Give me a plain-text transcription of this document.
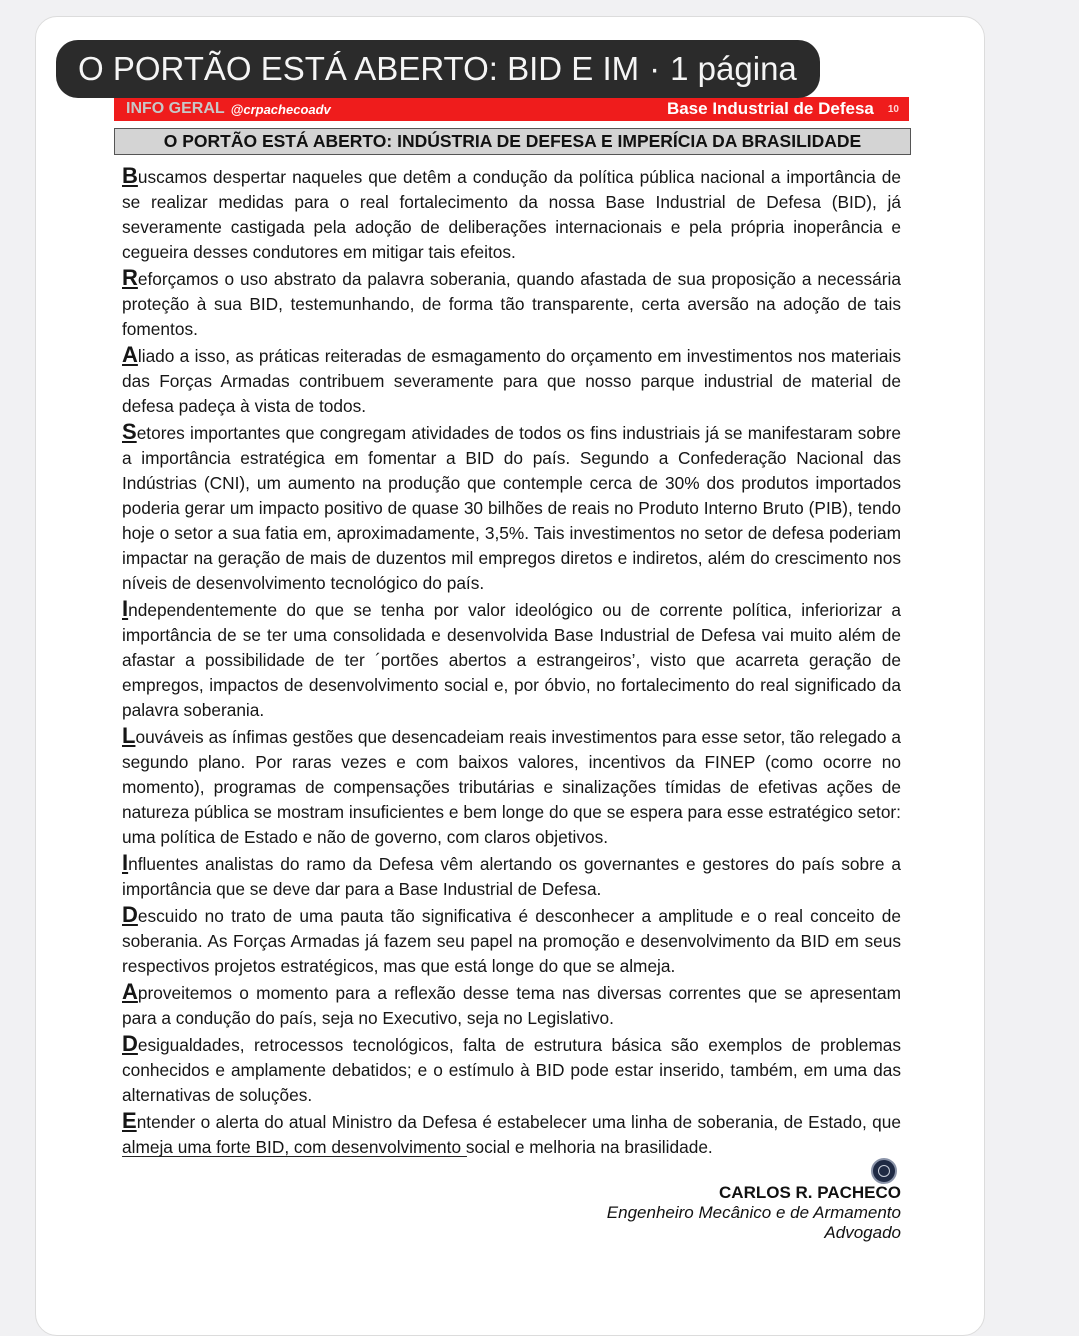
O PORTÃO ESTÁ ABERTO: BID E IM · 1 página
INFO GERAL @crpachecoadv	Base Industrial de Defesa 10
O PORTÃO ESTÁ ABERTO: INDÚSTRIA DE DEFESA E IMPERÍCIA DA BRASILIDADE

Buscamos despertar naqueles que detêm a condução da política pública nacional a importância de se realizar medidas para o real fortalecimento da nossa Base Industrial de Defesa (BID), já severamente castigada pela adoção de deliberações internacionais e pela própria inoperância e cegueira desses condutores em mitigar tais efeitos.

Reforçamos o uso abstrato da palavra soberania, quando afastada de sua proposição a necessária proteção à sua BID, testemunhando, de forma tão transparente, certa aversão na adoção de tais fomentos.

Aliado a isso, as práticas reiteradas de esmagamento do orçamento em investimentos nos materiais das Forças Armadas contribuem severamente para que nosso parque industrial de material de defesa padeça à vista de todos.

Setores importantes que congregam atividades de todos os fins industriais já se manifestaram sobre a importância estratégica em fomentar a BID do país. Segundo a Confederação Nacional das Indústrias (CNI), um aumento na produção que contemple cerca de 30% dos produtos importados poderia gerar um impacto positivo de quase 30 bilhões de reais no Produto Interno Bruto (PIB), tendo hoje o setor a sua fatia em, aproximadamente, 3,5%. Tais investimentos no setor de defesa poderiam impactar na geração de mais de duzentos mil empregos diretos e indiretos, além do crescimento nos níveis de desenvolvimento tecnológico do país.

Independentemente do que se tenha por valor ideológico ou de corrente política, inferiorizar a importância de se ter uma consolidada e desenvolvida Base Industrial de Defesa vai muito além de afastar a possibilidade de ter ´portões abertos a estrangeiros’, visto que acarreta geração de empregos, impactos de desenvolvimento social e, por óbvio, no fortalecimento do real significado da palavra soberania.

Louváveis as ínfimas gestões que desencadeiam reais investimentos para esse setor, tão relegado a segundo plano. Por raras vezes e com baixos valores, incentivos da FINEP (como ocorre no momento), programas de compensações tributárias e sinalizações tímidas de efetivas ações de natureza pública se mostram insuficientes e bem longe do que se espera para esse estratégico setor: uma política de Estado e não de governo, com claros objetivos.

Influentes analistas do ramo da Defesa vêm alertando os governantes e gestores do país sobre a importância que se deve dar para a Base Industrial de Defesa.

Descuido no trato de uma pauta tão significativa é desconhecer a amplitude e o real conceito de soberania. As Forças Armadas já fazem seu papel na promoção e desenvolvimento da BID em seus respectivos projetos estratégicos, mas que está longe do que se almeja.

Aproveitemos o momento para a reflexão desse tema nas diversas correntes que se apresentam para a condução do país, seja no Executivo, seja no Legislativo.

Desigualdades, retrocessos tecnológicos, falta de estrutura básica são exemplos de problemas conhecidos e amplamente debatidos; e o estímulo à BID pode estar inserido, também, em uma das alternativas de soluções.

Entender o alerta do atual Ministro da Defesa é estabelecer uma linha de soberania, de Estado, que almeja uma forte BID, com desenvolvimento social e melhoria na brasilidade.

CARLOS R. PACHECO
Engenheiro Mecânico e de Armamento
Advogado
